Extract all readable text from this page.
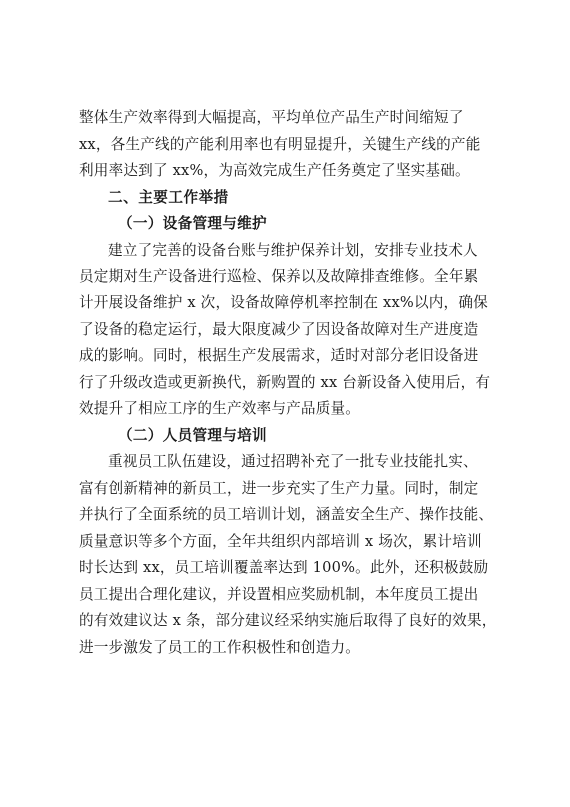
整体生产效率得到大幅提高，平均单位产品生产时间缩短了
xx，各生产线的产能利用率也有明显提升，关键生产线的产能
利用率达到了 xx%，为高效完成生产任务奠定了坚实基础。
二、主要工作举措
（一）设备管理与维护
建立了完善的设备台账与维护保养计划，安排专业技术人
员定期对生产设备进行巡检、保养以及故障排查维修。全年累
计开展设备维护 x 次，设备故障停机率控制在 xx%以内，确保
了设备的稳定运行，最大限度减少了因设备故障对生产进度造
成的影响。同时，根据生产发展需求，适时对部分老旧设备进
行了升级改造或更新换代，新购置的 xx 台新设备入使用后，有
效提升了相应工序的生产效率与产品质量。
（二）人员管理与培训
重视员工队伍建设，通过招聘补充了一批专业技能扎实、
富有创新精神的新员工，进一步充实了生产力量。同时，制定
并执行了全面系统的员工培训计划，涵盖安全生产、操作技能、
质量意识等多个方面，全年共组织内部培训 x 场次，累计培训
时长达到 xx，员工培训覆盖率达到 100%。此外，还积极鼓励
员工提出合理化建议，并设置相应奖励机制，本年度员工提出
的有效建议达 x 条，部分建议经采纳实施后取得了良好的效果，
进一步激发了员工的工作积极性和创造力。
